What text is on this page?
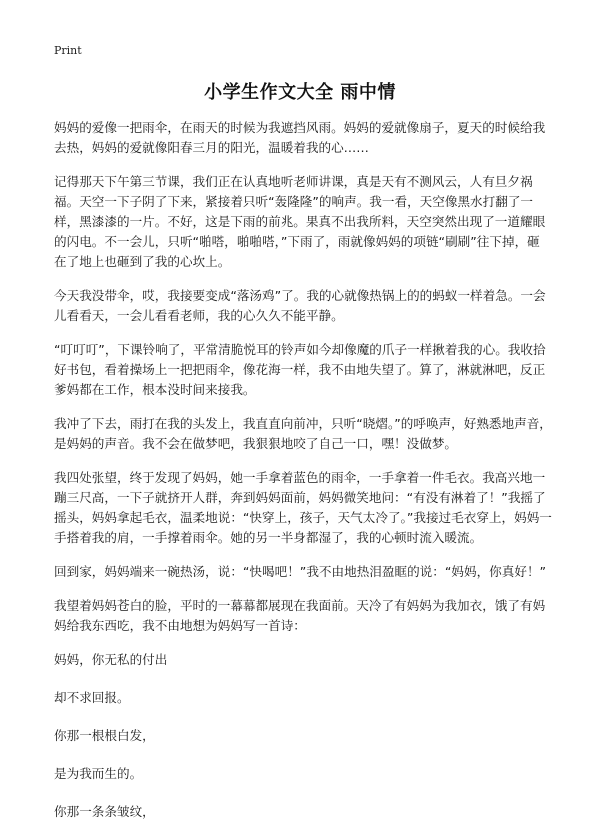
Print
小学生作文大全 雨中情

妈妈的爱像一把雨伞，在雨天的时候为我遮挡风雨。妈妈的爱就像扇子，夏天的时候给我去热，妈妈的爱就像阳春三月的阳光，温暖着我的心……

记得那天下午第三节课，我们正在认真地听老师讲课，真是天有不测风云，人有旦夕祸福。天空一下子阴了下来，紧接着只听“轰隆隆”的响声。我一看，天空像黑水打翻了一样，黑漆漆的一片。不好，这是下雨的前兆。果真不出我所料，天空突然出现了一道耀眼的闪电。不一会儿，只听“啪嗒，啪啪嗒，”下雨了，雨就像妈妈的项链“刷刷”往下掉，砸在了地上也砸到了我的心坎上。

今天我没带伞，哎，我接要变成“落汤鸡”了。我的心就像热锅上的的蚂蚁一样着急。一会儿看看天，一会儿看看老师，我的心久久不能平静。

“叮叮叮”，下课铃响了，平常清脆悦耳的铃声如今却像魔的爪子一样揪着我的心。我收拾好书包，看着操场上一把把雨伞，像花海一样，我不由地失望了。算了，淋就淋吧，反正爹妈都在工作，根本没时间来接我。

我冲了下去，雨打在我的头发上，我直直向前冲，只听“晓熠。”的呼唤声，好熟悉地声音，是妈妈的声音。我不会在做梦吧，我狠狠地咬了自己一口，嘿！没做梦。

我四处张望，终于发现了妈妈，她一手拿着蓝色的雨伞，一手拿着一件毛衣。我高兴地一蹦三尺高，一下子就挤开人群，奔到妈妈面前，妈妈微笑地问：“有没有淋着了！”我摇了摇头，妈妈拿起毛衣，温柔地说：“快穿上，孩子，天气太冷了。”我接过毛衣穿上，妈妈一手搭着我的肩，一手撑着雨伞。她的另一半身都湿了，我的心顿时流入暖流。

回到家，妈妈端来一碗热汤，说：“快喝吧！”我不由地热泪盈眶的说：“妈妈，你真好！”

我望着妈妈苍白的脸，平时的一幕幕都展现在我面前。天冷了有妈妈为我加衣，饿了有妈妈给我东西吃，我不由地想为妈妈写一首诗：

妈妈，你无私的付出

却不求回报。

你那一根根白发，

是为我而生的。

你那一条条皱纹，
